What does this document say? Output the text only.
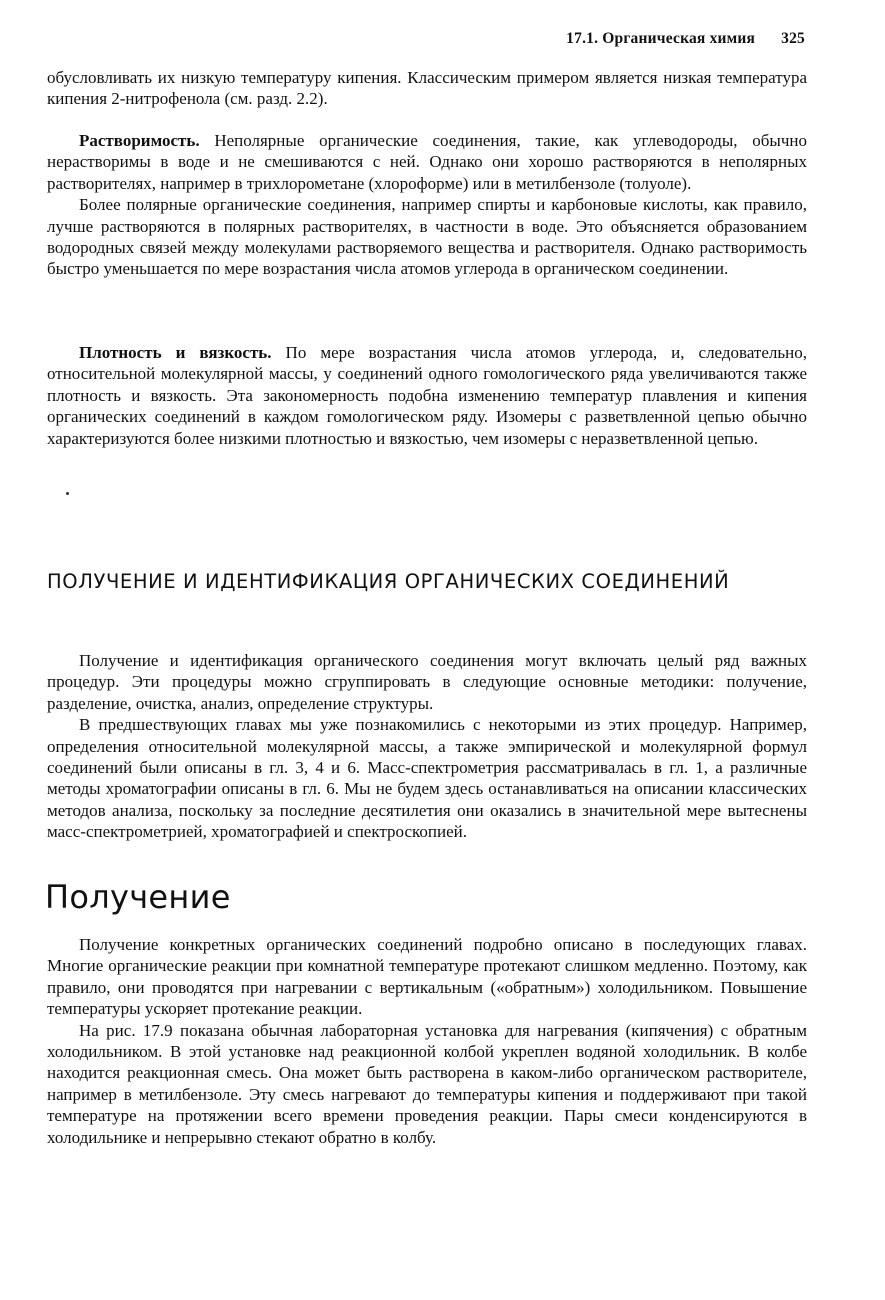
17.1. Органическая химия 325

обусловливать их низкую температуру кипения. Классическим примером является низкая температура кипения 2-нитрофенола (см. разд. 2.2).

Растворимость. Неполярные органические соединения, такие, как углеводороды, обычно нерастворимы в воде и не смешиваются с ней. Однако они хорошо растворяются в неполярных растворителях, например в трихлорометане (хлороформе) или в метилбензоле (толуоле).

Более полярные органические соединения, например спирты и карбоновые кислоты, как правило, лучше растворяются в полярных растворителях, в частности в воде. Это объясняется образованием водородных связей между молекулами растворяемого вещества и растворителя. Однако растворимость быстро уменьшается по мере возрастания числа атомов углерода в органическом соединении.

Плотность и вязкость. По мере возрастания числа атомов углерода, и, следовательно, относительной молекулярной массы, у соединений одного гомологического ряда увеличиваются также плотность и вязкость. Эта закономерность подобна изменению температур плавления и кипения органических соединений в каждом гомологическом ряду. Изомеры с разветвленной цепью обычно характеризуются более низкими плотностью и вязкостью, чем изомеры с неразветвленной цепью.

ПОЛУЧЕНИЕ И ИДЕНТИФИКАЦИЯ ОРГАНИЧЕСКИХ СОЕДИНЕНИЙ

Получение и идентификация органического соединения могут включать целый ряд важных процедур. Эти процедуры можно сгруппировать в следующие основные методики: получение, разделение, очистка, анализ, определение структуры.

В предшествующих главах мы уже познакомились с некоторыми из этих процедур. Например, определения относительной молекулярной массы, а также эмпирической и молекулярной формул соединений были описаны в гл. 3, 4 и 6. Масс-спектрометрия рассматривалась в гл. 1, а различные методы хроматографии описаны в гл. 6. Мы не будем здесь останавливаться на описании классических методов анализа, поскольку за последние десятилетия они оказались в значительной мере вытеснены масс-спектрометрией, хроматографией и спектроскопией.

Получение

Получение конкретных органических соединений подробно описано в последующих главах. Многие органические реакции при комнатной температуре протекают слишком медленно. Поэтому, как правило, они проводятся при нагревании с вертикальным («обратным») холодильником. Повышение температуры ускоряет протекание реакции.

На рис. 17.9 показана обычная лабораторная установка для нагревания (кипячения) с обратным холодильником. В этой установке над реакционной колбой укреплен водяной холодильник. В колбе находится реакционная смесь. Она может быть растворена в каком-либо органическом растворителе, например в метилбензоле. Эту смесь нагревают до температуры кипения и поддерживают при такой температуре на протяжении всего времени проведения реакции. Пары смеси конденсируются в холодильнике и непрерывно стекают обратно в колбу.
